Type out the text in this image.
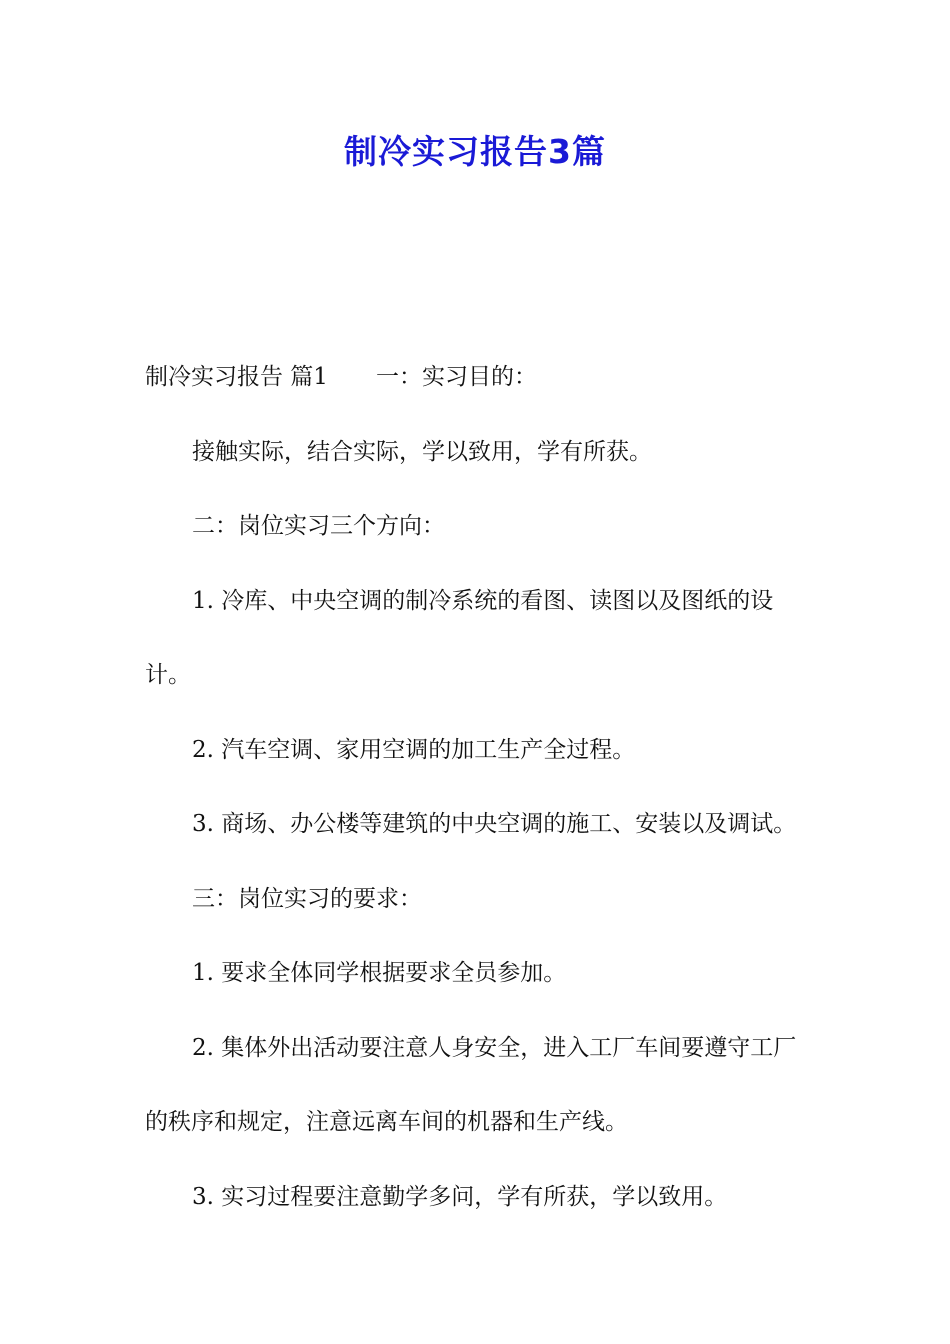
制冷实习报告3篇

制冷实习报告 篇1 一：实习目的：

接触实际，结合实际，学以致用，学有所获。

二：岗位实习三个方向：

1. 冷库、中央空调的制冷系统的看图、读图以及图纸的设计。

2. 汽车空调、家用空调的加工生产全过程。

3. 商场、办公楼等建筑的中央空调的施工、安装以及调试。

三：岗位实习的要求：

1. 要求全体同学根据要求全员参加。

2. 集体外出活动要注意人身安全，进入工厂车间要遵守工厂的秩序和规定，注意远离车间的机器和生产线。

3. 实习过程要注意勤学多问，学有所获，学以致用。
